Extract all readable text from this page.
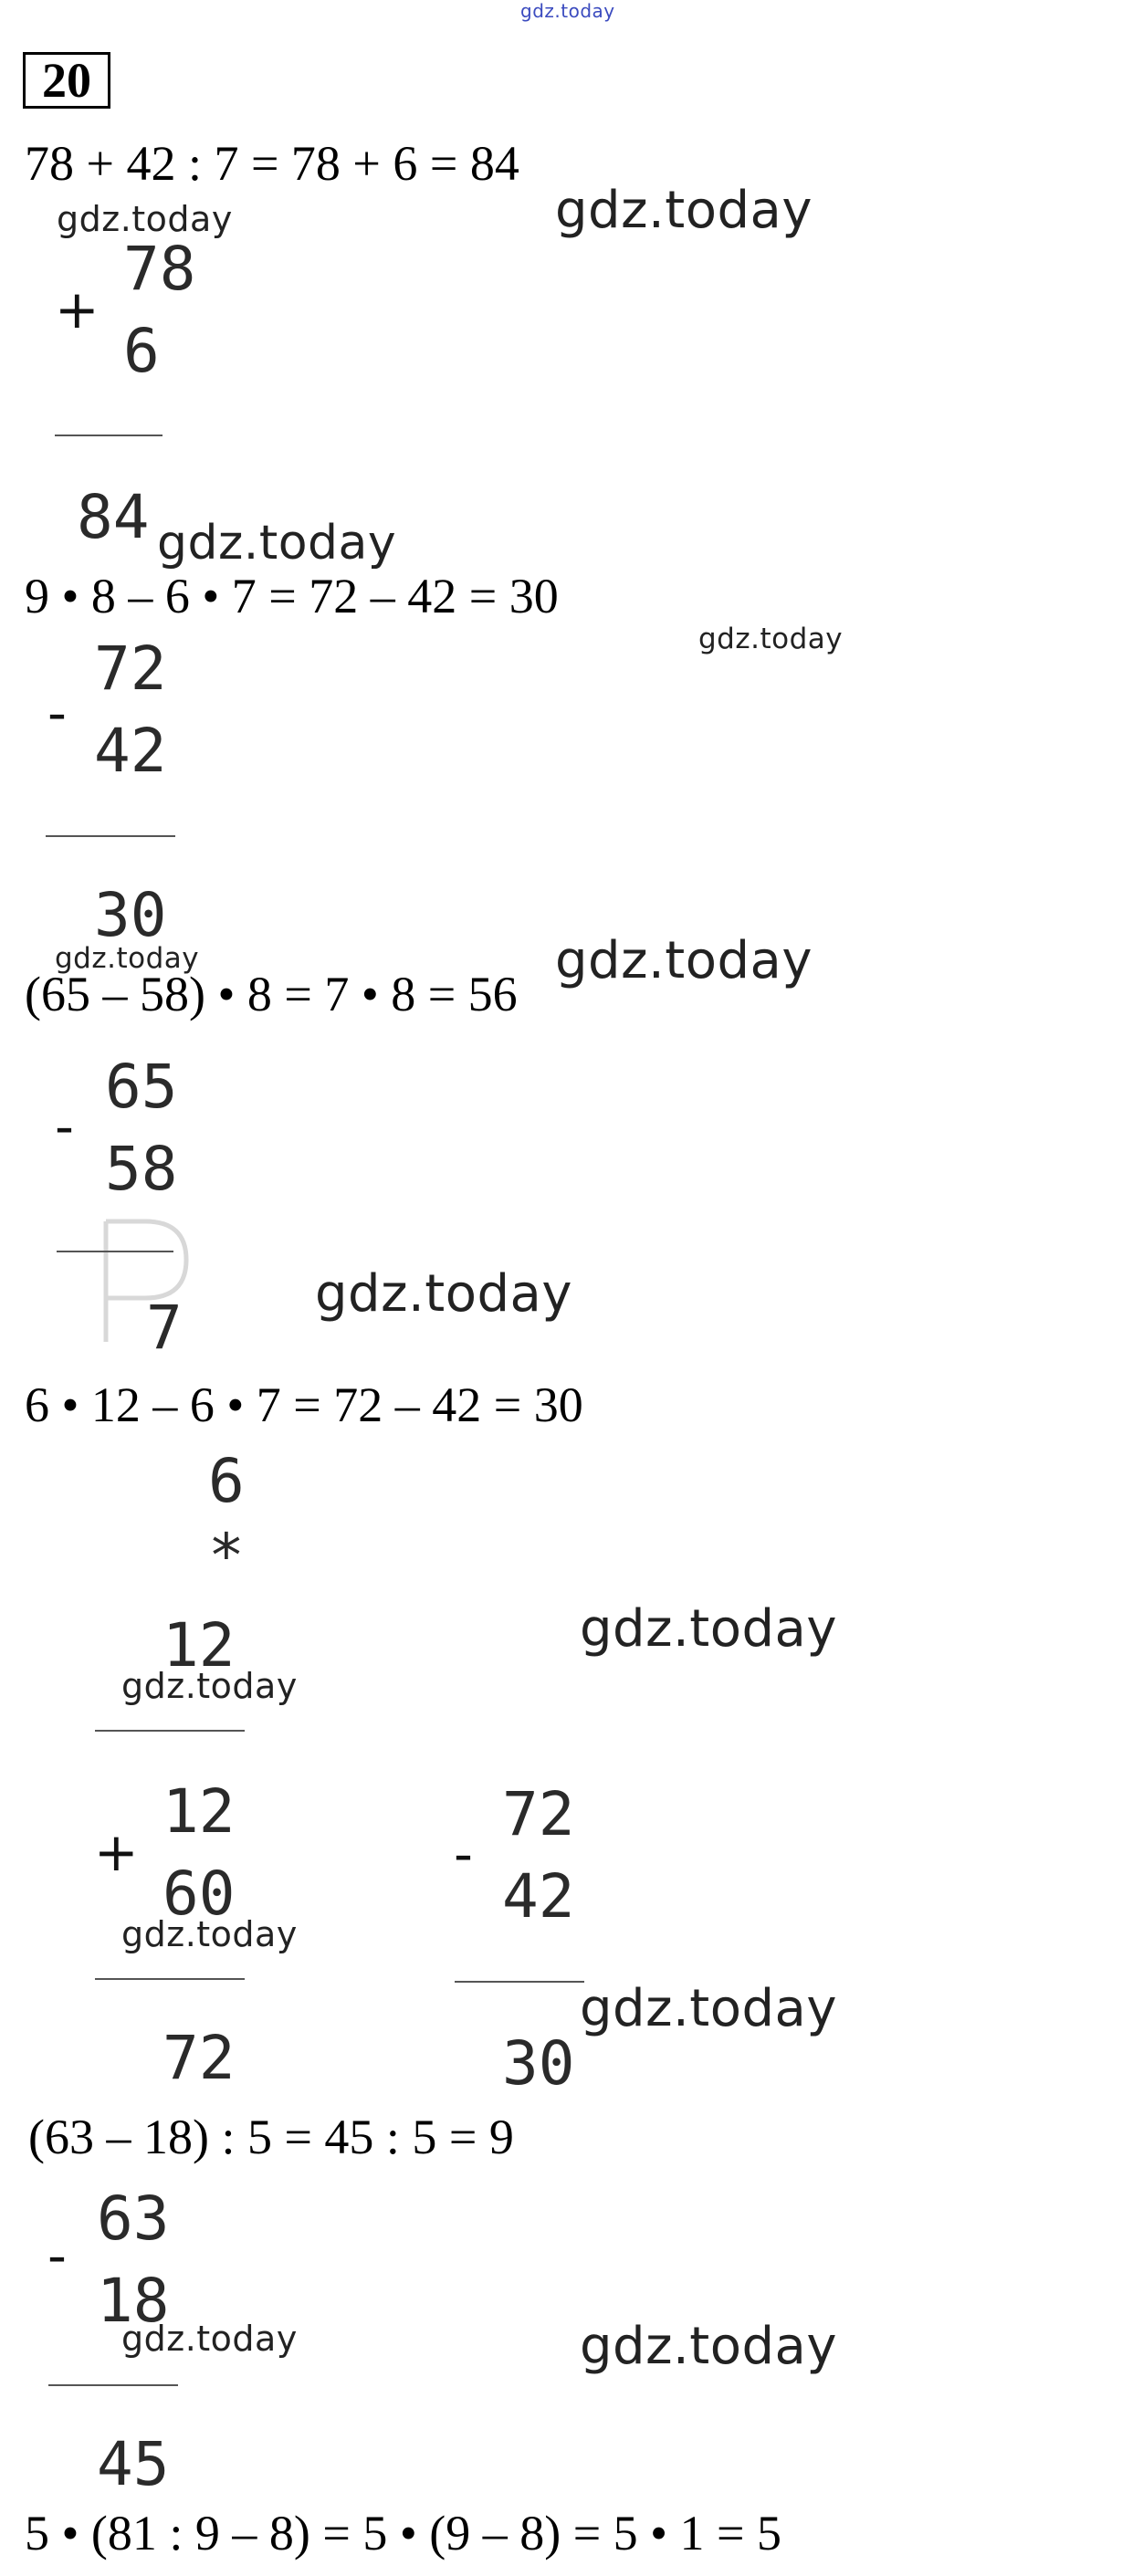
gdz.today
20
78 + 42 : 7 = 78 + 6 = 84
gdz.today	gdz.today
+
78
6
84 gdz.today
9 • 8 – 6 • 7 = 72 – 42 = 30
gdz.today
-
72
42
30
gdz.today
(65 – 58) • 8 = 7 • 8 = 56
gdz.today
-
65
58
7	gdz.today
6 • 12 – 6 • 7 = 72 – 42 = 30
6
*
12
gdz.today
gdz.today
+
12
60
gdz.today
72
-
72
42
30
gdz.today
(63 – 18) : 5 = 45 : 5 = 9
-
63
18
gdz.today	gdz.today
45
5 • (81 : 9 – 8) = 5 • (9 – 8) = 5 • 1 = 5
